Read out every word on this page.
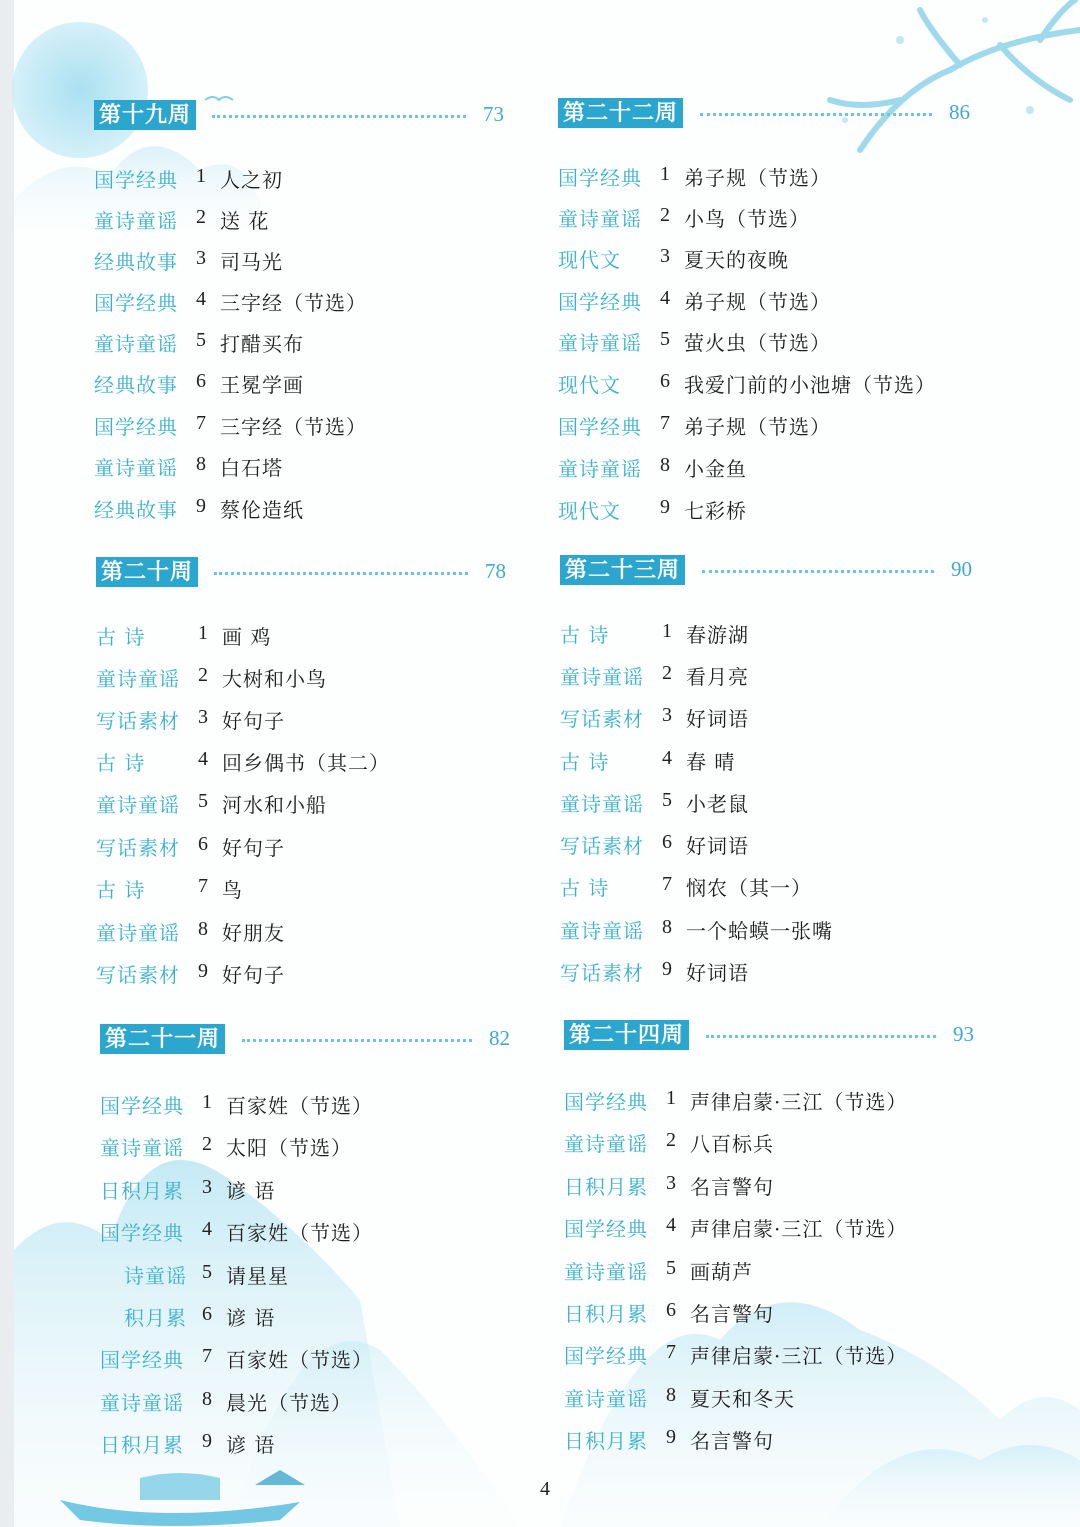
第十九周	73
国学经典 1 人之初
童诗童谣 2 送 花
经典故事 3 司马光
国学经典 4 三字经（节选）
童诗童谣 5 打醋买布
经典故事 6 王冕学画
国学经典 7 三字经（节选）
童诗童谣 8 白石塔
经典故事 9 蔡伦造纸
第二十二周	86
国学经典 1 弟子规（节选）
童诗童谣 2 小鸟（节选）
现代文	3 夏天的夜晚
国学经典 4 弟子规（节选）
童诗童谣 5 萤火虫（节选）
现代文	6 我爱门前的小池塘（节选）
国学经典 7 弟子规（节选）
童诗童谣 8 小金鱼
现代文	9 七彩桥
第二十周	78
古 诗	1 画 鸡
童诗童谣 2 大树和小鸟
写话素材 3 好句子
古 诗	4 回乡偶书（其二）
童诗童谣 5 河水和小船
写话素材 6 好句子
古 诗	7 鸟
童诗童谣 8 好朋友
写话素材 9 好句子
第二十三周	90
古 诗	1 春游湖
童诗童谣 2 看月亮
写话素材 3 好词语
古 诗	4 春 晴
童诗童谣 5 小老鼠
写话素材 6 好词语
古 诗	7 悯农（其一）
童诗童谣 8 一个蛤蟆一张嘴
写话素材 9 好词语
第二十一周	82
国学经典 1 百家姓（节选）
童诗童谣 2 太阳（节选）
日积月累 3 谚 语
国学经典 4 百家姓（节选）
诗童谣 5 请星星
积月累 6 谚 语
国学经典 7 百家姓（节选）
童诗童谣 8 晨光（节选）
日积月累 9 谚 语
第二十四周	93
国学经典 1 声律启蒙·三江（节选）
童诗童谣 2 八百标兵
日积月累 3 名言警句
国学经典 4 声律启蒙·三江（节选）
童诗童谣 5 画葫芦
日积月累 6 名言警句
国学经典 7 声律启蒙·三江（节选）
童诗童谣 8 夏天和冬天
日积月累 9 名言警句
4
